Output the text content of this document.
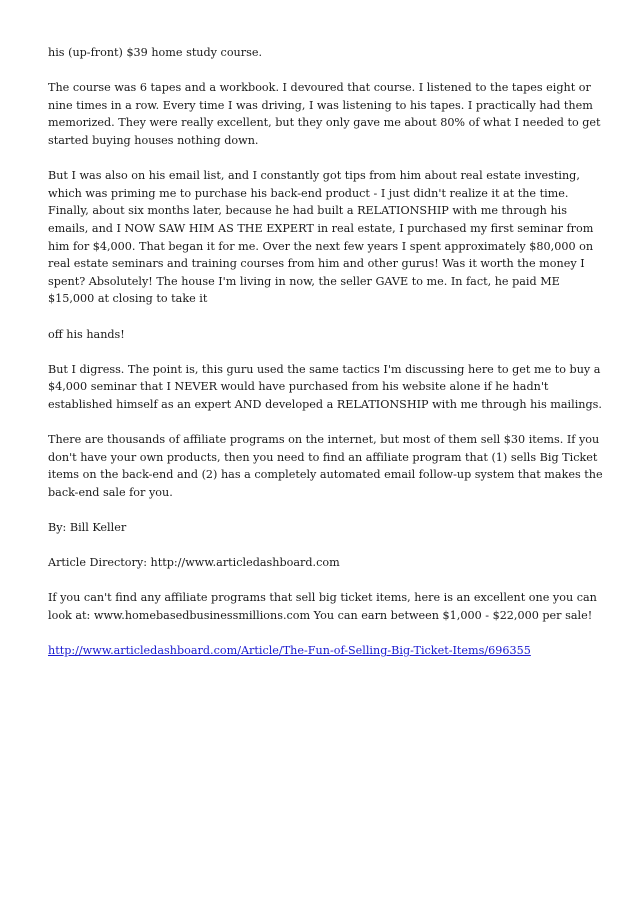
his (up-front) $39 home study course.

The course was 6 tapes and a workbook. I devoured that course. I listened to the tapes eight or nine times in a row. Every time I was driving, I was listening to his tapes. I practically had them memorized. They were really excellent, but they only gave me about 80% of what I needed to get started buying houses nothing down.

But I was also on his email list, and I constantly got tips from him about real estate investing, which was priming me to purchase his back-end product - I just didn't realize it at the time. Finally, about six months later, because he had built a RELATIONSHIP with me through his emails, and I NOW SAW HIM AS THE EXPERT in real estate, I purchased my first seminar from him for $4,000. That began it for me. Over the next few years I spent approximately $80,000 on real estate seminars and training courses from him and other gurus! Was it worth the money I spent? Absolutely! The house I'm living in now, the seller GAVE to me. In fact, he paid ME $15,000 at closing to take it

off his hands!

But I digress. The point is, this guru used the same tactics I'm discussing here to get me to buy a $4,000 seminar that I NEVER would have purchased from his website alone if he hadn't established himself as an expert AND developed a RELATIONSHIP with me through his mailings.

There are thousands of affiliate programs on the internet, but most of them sell $30 items. If you don't have your own products, then you need to find an affiliate program that (1) sells Big Ticket items on the back-end and (2) has a completely automated email follow-up system that makes the back-end sale for you.

By: Bill Keller

Article Directory: http://www.articledashboard.com

If you can't find any affiliate programs that sell big ticket items, here is an excellent one you can look at: www.homebasedbusinessmillions.com You can earn between $1,000 - $22,000 per sale!

http://www.articledashboard.com/Article/The-Fun-of-Selling-Big-Ticket-Items/696355
